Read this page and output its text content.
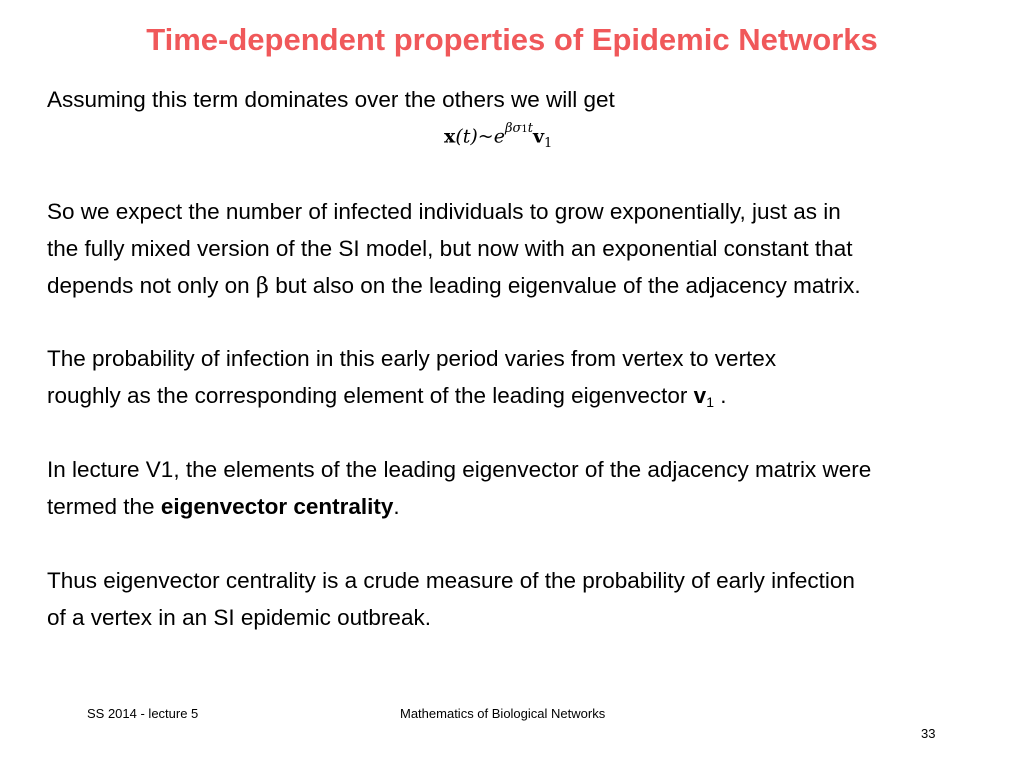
Time-dependent properties of Epidemic Networks
Assuming this term dominates over the others we will get
$x(t)\sim e^{\beta\sigma 1t}v_1$
So we expect the number of infected individuals to grow exponentially, just as in
the fully mixed version of the SI model, but now with an exponential constant that
depends not only on β but also on the leading eigenvalue of the adjacency matrix.
The probability of infection in this early period varies from vertex to vertex
roughly as the corresponding element of the leading eigenvector $v_1$ .
In lecture V1, the elements of the leading eigenvector of the adjacency matrix were
termed the eigenvector centrality.
Thus eigenvector centrality is a crude measure of the probability of early infection
of a vertex in an SI epidemic outbreak.
SS 2014 - lecture 5	Mathematics of Biological Networks
33
